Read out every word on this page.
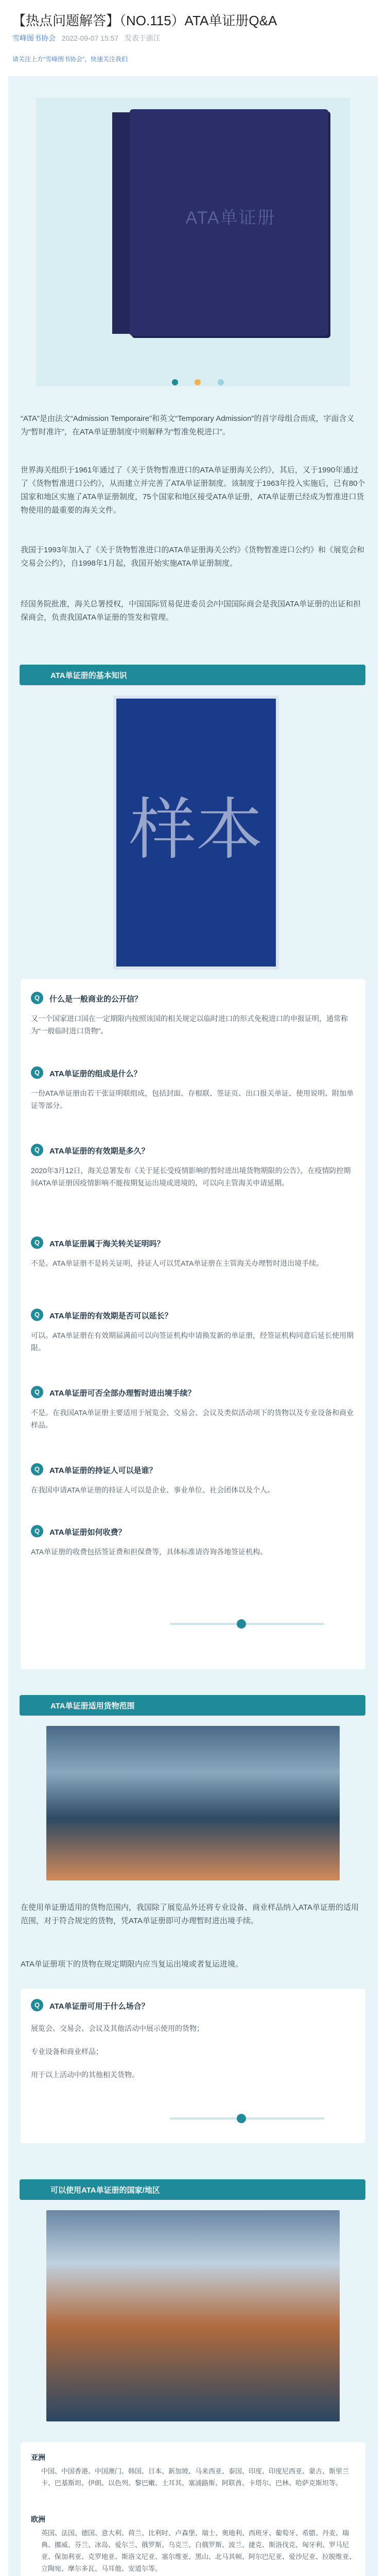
【热点问题解答】（NO.115）ATA单证册Q&A
雪峰图书协会 2022-09-07 15:57 发表于浙江
请关注上方“雪峰图书协会”，快速关注我们
ATA单证册

“ATA”是由法文“Admission Temporaire”和英文“Temporary Admission”的首字母组合而成，字面含义为“暂时准许”，在ATA单证册制度中则解释为“暂准免税进口”。
世界海关组织于1961年通过了《关于货物暂准进口的ATA单证册海关公约》，其后，又于1990年通过了《货物暂准进口公约》，从而建立并完善了ATA单证册制度。该制度于1963年投入实施后，已有80个国家和地区实施了ATA单证册制度，75个国家和地区接受ATA单证册，ATA单证册已经成为暂准进口货物使用的最重要的海关文件。
我国于1993年加入了《关于货物暂准进口的ATA单证册海关公约》《货物暂准进口公约》和《展览会和交易会公约》，自1998年1月起，我国开始实施ATA单证册制度。
经国务院批准，海关总署授权，中国国际贸易促进委员会/中国国际商会是我国ATA单证册的出证和担保商会，负责我国ATA单证册的签发和管理。
ATA单证册的基本知识
样本
Q	什么是一般商业的公开信？
又一个国家进口国在一定期限内按照该国的相关规定以临时进口的形式免税进口的申报证明，通常称为“一般临时进口货物”。
Q	ATA单证册的组成是什么？
一份ATA单证册由若干张证明联组成，包括封面、存根联、签证页、出口报关单证、使用说明、附加单证等部分。
Q	ATA单证册的有效期是多久？
2020年3月12日，海关总署发布《关于延长受疫情影响的暂时进出境货物期限的公告》，在疫情防控期间ATA单证册因疫情影响不能按期复运出境或进境的，可以向主管海关申请延期。
Q	ATA单证册属于海关转关证明吗？
不是。ATA单证册不是转关证明，持证人可以凭ATA单证册在主管海关办理暂时进出境手续。
Q	ATA单证册的有效期是否可以延长？
可以。ATA单证册在有效期届满前可以向签证机构申请换发新的单证册，经签证机构同意后延长使用期限。
Q	ATA单证册可否全部办理暂时进出境手续？
不是。在我国ATA单证册主要适用于展览会、交易会、会议及类似活动项下的货物以及专业设备和商业样品。
Q	ATA单证册的持证人可以是谁？
在我国申请ATA单证册的持证人可以是企业、事业单位、社会团体以及个人。
Q	ATA单证册如何收费？
ATA单证册的收费包括签证费和担保费等，具体标准请咨询各地签证机构。
ATA单证册适用货物范围
在使用单证册适用的货物范围内，我国除了展览品外还将专业设备、商业样品纳入ATA单证册的适用范围，对于符合规定的货物，凭ATA单证册即可办理暂时进出境手续。
ATA单证册项下的货物在规定期限内应当复运出境或者复运进境。
Q	ATA单证册可用于什么场合？
展览会、交易会、会议及其他活动中展示使用的货物；
专业设备和商业样品；
用于以上活动中的其他相关货物。
可以使用ATA单证册的国家/地区
亚洲
中国、中国香港、中国澳门、韩国、日本、新加坡、马来西亚、泰国、印度、印度尼西亚、蒙古、斯里兰卡、巴基斯坦、伊朗、以色列、黎巴嫩、土耳其、塞浦路斯、阿联酋、卡塔尔、巴林、哈萨克斯坦等。
欧洲
英国、法国、德国、意大利、荷兰、比利时、卢森堡、瑞士、奥地利、西班牙、葡萄牙、希腊、丹麦、瑞典、挪威、芬兰、冰岛、爱尔兰、俄罗斯、乌克兰、白俄罗斯、波兰、捷克、斯洛伐克、匈牙利、罗马尼亚、保加利亚、克罗地亚、斯洛文尼亚、塞尔维亚、黑山、北马其顿、阿尔巴尼亚、爱沙尼亚、拉脱维亚、立陶宛、摩尔多瓦、马耳他、安道尔等。
